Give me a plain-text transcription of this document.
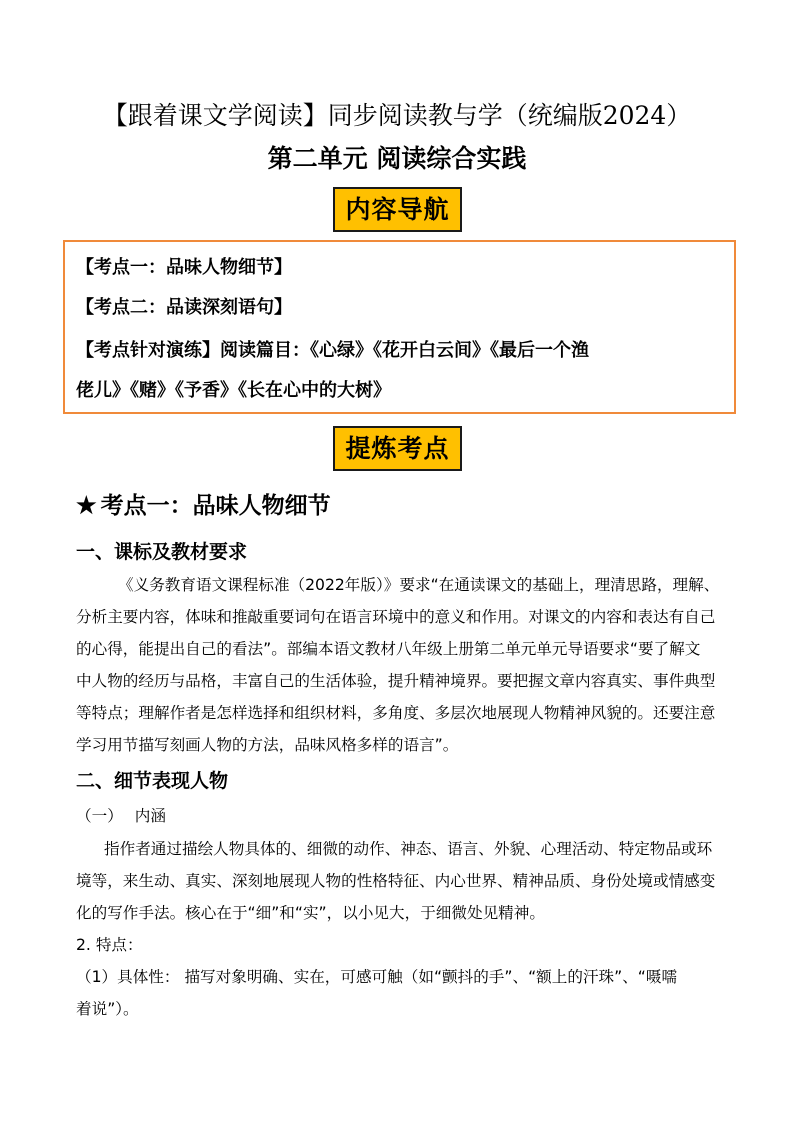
【跟着课文学阅读】同步阅读教与学（统编版2024）
第二单元 阅读综合实践
内容导航
【考点一：品味人物细节】
【考点二：品读深刻语句】
【考点针对演练】阅读篇目：《心绿》《花开白云间》《最后一个渔
佬儿》《赌》《予香》《长在心中的大树》
提炼考点
★ 考点一：品味人物细节
一、课标及教材要求
《义务教育语文课程标准（2022年版）》要求“在通读课文的基础上，理清思路，理解、
分析主要内容，体味和推敲重要词句在语言环境中的意义和作用。对课文的内容和表达有自己
的心得，能提出自己的看法”。部编本语文教材八年级上册第二单元单元导语要求“要了解文
中人物的经历与品格，丰富自己的生活体验，提升精神境界。要把握文章内容真实、事件典型
等特点；理解作者是怎样选择和组织材料，多角度、多层次地展现人物精神风貌的。还要注意
学习用节描写刻画人物的方法，品味风格多样的语言”。
二、细节表现人物
（一） 内涵
指作者通过描绘人物具体的、细微的动作、神态、语言、外貌、心理活动、特定物品或环
境等，来生动、真实、深刻地展现人物的性格特征、内心世界、精神品质、身份处境或情感变
化的写作手法。核心在于“细”和“实”，以小见大，于细微处见精神。
2. 特点：
（1）具体性： 描写对象明确、实在，可感可触（如“颤抖的手”、“额上的汗珠”、“嗫嚅
着说”）。
